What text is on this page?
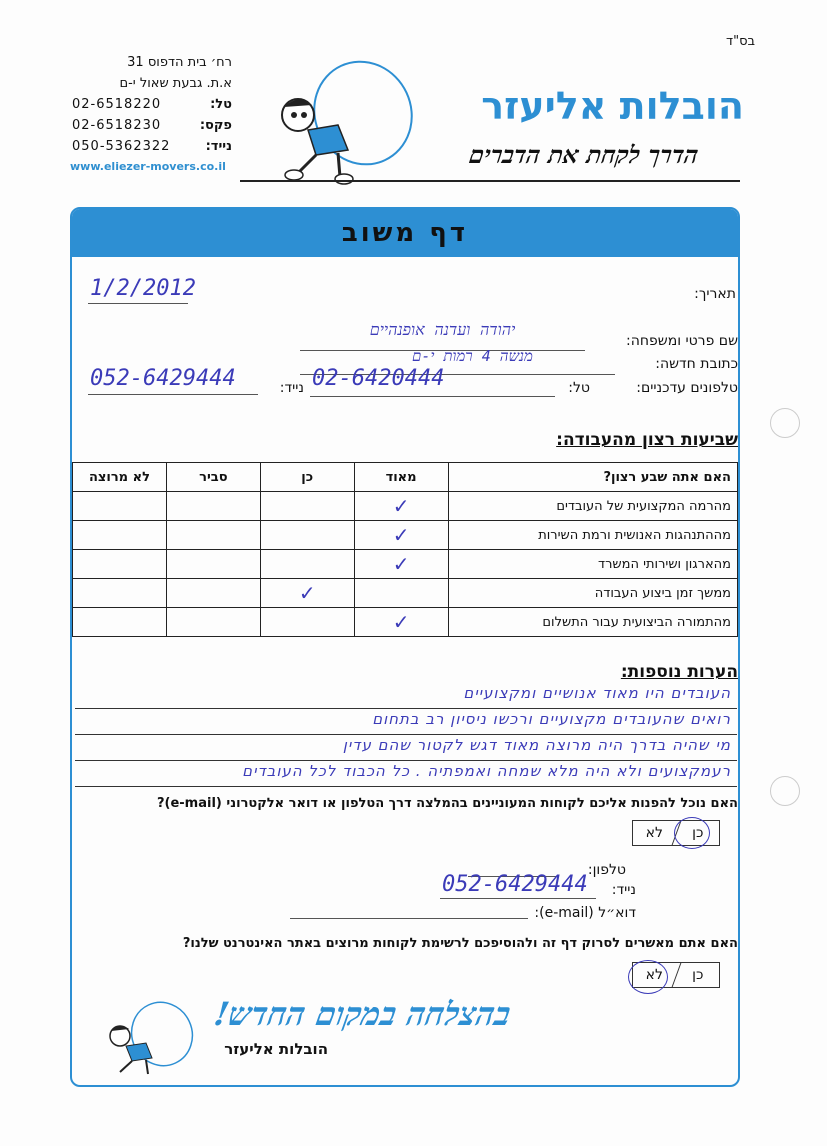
בס"ד
רח׳ בית הדפוס 31
א.ת. גבעת שאול י-ם
טל:
02-6518220
פקס:
02-6518230
נייד:
050-5362322
www.eliezer-movers.co.il
הובלות אליעזר
הדרך לקחת את הדברים
דף משוב
תאריך:
1/2/2012
שם פרטי ומשפחה:
יהודה ועדנה אופנהיים
כתובת חדשה:
מנשה 4 רמות י-ם
טלפונים עדכניים:
טל:
02-6420444
נייד:
052-6429444
שביעות רצון מהעבודה:
האם אתה שבע רצון?	מאוד	כן	סביר	לא מרוצה
מהרמה המקצועית של העובדים	✓			
מההתנהגות האנושית ורמת השירות	✓			
מהארגון ושירותי המשרד	✓			
ממשך זמן ביצוע העבודה		✓		
מהתמורה הביצועית עבור התשלום	✓			
הערות נוספות:
העובדים היו מאוד אנושיים ומקצועיים
רואים שהעובדים מקצועיים ורכשו ניסיון רב בתחום
מי שהיה בדרך היה מרוצה מאוד דגש לקטור שהם עדין
רעמקצועים ולא היה מלא שמחה ואמפתיה . כל הכבוד לכל העובדים
האם נוכל להפנות אליכם לקוחות המעוניינים בהמלצה דרך הטלפון או דואר אלקטרוני (e-mail)?
כן
לא
טלפון:
נייד:
052-6429444
דוא״ל (e-mail):
האם אתם מאשרים לסרוק דף זה ולהוסיפכם לרשימת לקוחות מרוצים באתר האינטרנט שלנו?
כן
לא
בהצלחה במקום החדש!
הובלות אליעזר
